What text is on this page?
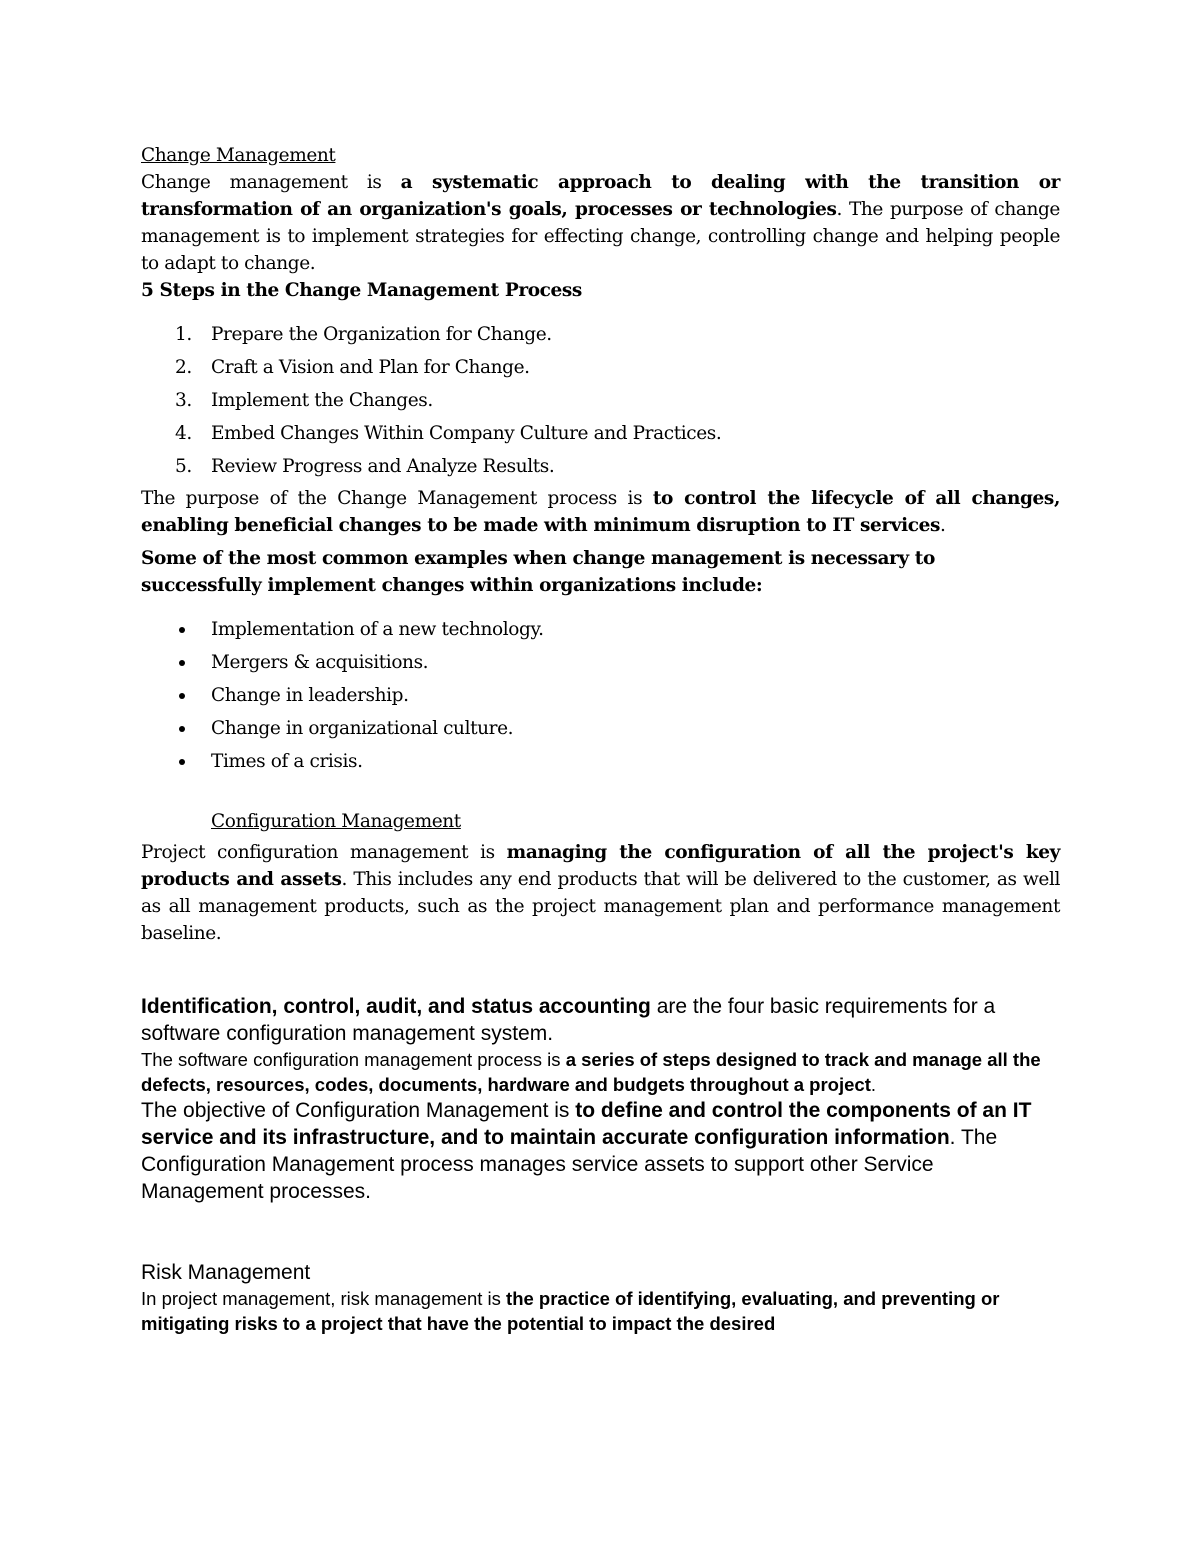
Change Management

Change management is a systematic approach to dealing with the transition or transformation of an organization's goals, processes or technologies. The purpose of change management is to implement strategies for effecting change, controlling change and helping people to adapt to change.

5 Steps in the Change Management Process

1. Prepare the Organization for Change.
2. Craft a Vision and Plan for Change.
3. Implement the Changes.
4. Embed Changes Within Company Culture and Practices.
5. Review Progress and Analyze Results.

The purpose of the Change Management process is to control the lifecycle of all changes, enabling beneficial changes to be made with minimum disruption to IT services.

Some of the most common examples when change management is necessary to successfully implement changes within organizations include:

Implementation of a new technology.
Mergers & acquisitions.
Change in leadership.
Change in organizational culture.
Times of a crisis.

Configuration Management

Project configuration management is managing the configuration of all the project's key products and assets. This includes any end products that will be delivered to the customer, as well as all management products, such as the project management plan and performance management baseline.

Identification, control, audit, and status accounting are the four basic requirements for a software configuration management system.

The software configuration management process is a series of steps designed to track and manage all the defects, resources, codes, documents, hardware and budgets throughout a project.

The objective of Configuration Management is to define and control the components of an IT service and its infrastructure, and to maintain accurate configuration information. The Configuration Management process manages service assets to support other Service Management processes.

Risk Management

In project management, risk management is the practice of identifying, evaluating, and preventing or mitigating risks to a project that have the potential to impact the desired
